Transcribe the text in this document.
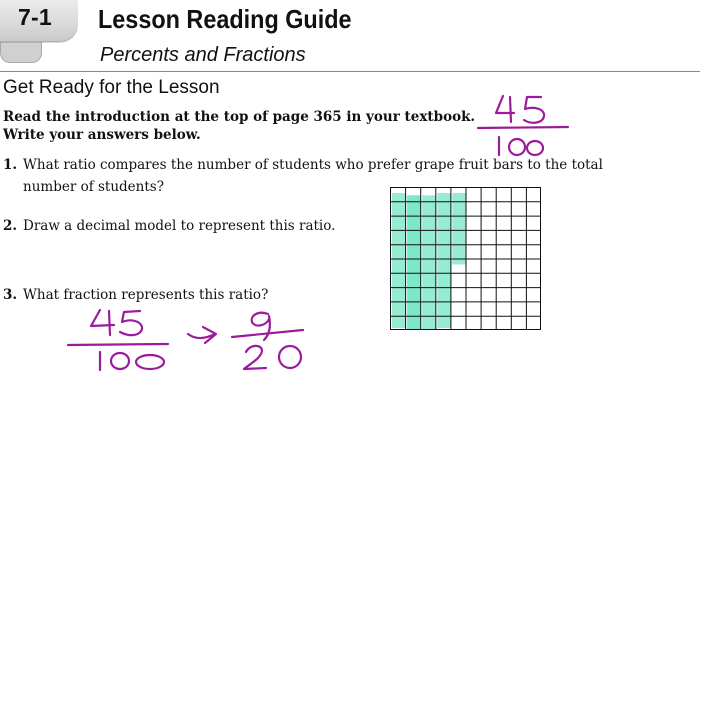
7-1 Lesson Reading Guide
Percents and Fractions
Get Ready for the Lesson
Read the introduction at the top of page 365 in your textbook.
Write your answers below.
1. What ratio compares the number of students who prefer grape fruit bars to the total
number of students?
2. Draw a decimal model to represent this ratio.
3. What fraction represents this ratio?
